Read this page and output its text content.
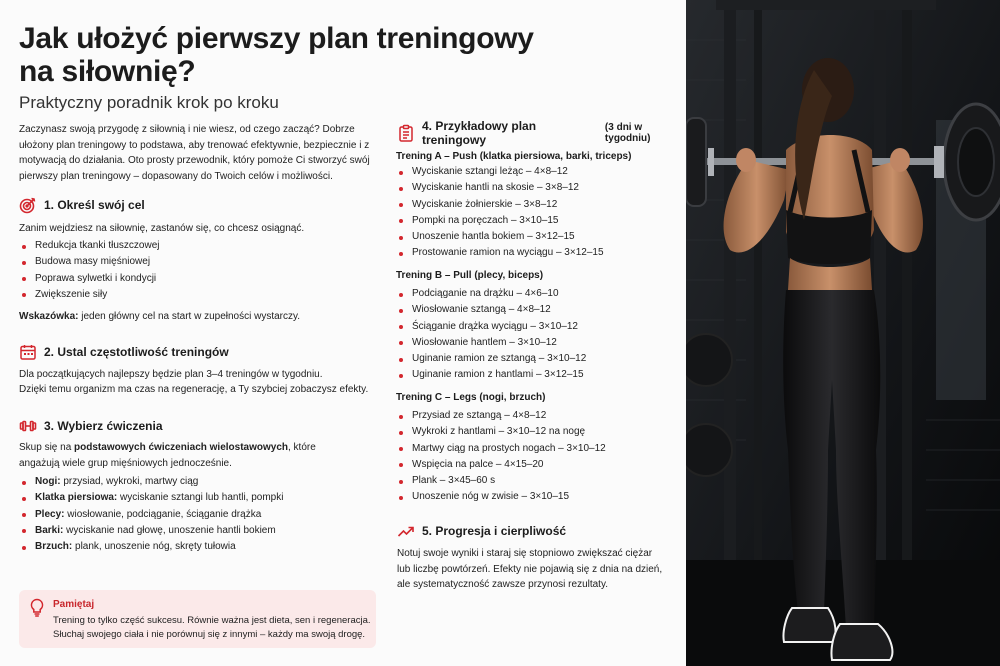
Jak ułożyć pierwszy plan treningowy
na siłownię?
Praktyczny poradnik krok po kroku
Zaczynasz swoją przygodę z siłownią i nie wiesz, od czego zacząć? Dobrze ułożony plan treningowy to podstawa, aby trenować efektywnie, bezpiecznie i z motywacją do działania. Oto prosty przewodnik, który pomoże Ci stworzyć swój pierwszy plan treningowy – dopasowany do Twoich celów i możliwości.
1. Określ swój cel
Zanim wejdziesz na siłownię, zastanów się, co chcesz osiągnąć.
Redukcja tkanki tłuszczowej
Budowa masy mięśniowej
Poprawa sylwetki i kondycji
Zwiększenie siły
Wskazówka: jeden główny cel na start w zupełności wystarczy.
2. Ustal częstotliwość treningów
Dla początkujących najlepszy będzie plan 3–4 treningów w tygodniu.
Dzięki temu organizm ma czas na regenerację, a Ty szybciej zobaczysz efekty.
3. Wybierz ćwiczenia
Skup się na podstawowych ćwiczeniach wielostawowych, które angażują wiele grup mięśniowych jednocześnie.
Nogi: przysiad, wykroki, martwy ciąg
Klatka piersiowa: wyciskanie sztangi lub hantli, pompki
Plecy: wiosłowanie, podciąganie, ściąganie drążka
Barki: wyciskanie nad głowę, unoszenie hantli bokiem
Brzuch: plank, unoszenie nóg, skręty tułowia
Pamiętaj
Trening to tylko część sukcesu. Równie ważna jest dieta, sen i regeneracja.
Słuchaj swojego ciała i nie porównuj się z innymi – każdy ma swoją drogę.
4. Przykładowy plan treningowy
(3 dni w tygodniu)
Trening A – Push (klatka piersiowa, barki, triceps)
Wyciskanie sztangi leżąc – 4×8–12
Wyciskanie hantli na skosie – 3×8–12
Wyciskanie żołnierskie – 3×8–12
Pompki na poręczach – 3×10–15
Unoszenie hantla bokiem – 3×12–15
Prostowanie ramion na wyciągu – 3×12–15
Trening B – Pull (plecy, biceps)
Podciąganie na drążku – 4×6–10
Wiosłowanie sztangą – 4×8–12
Ściąganie drążka wyciągu – 3×10–12
Wiosłowanie hantlem – 3×10–12
Uginanie ramion ze sztangą – 3×10–12
Uginanie ramion z hantlami – 3×12–15
Trening C – Legs (nogi, brzuch)
Przysiad ze sztangą – 4×8–12
Wykroki z hantlami – 3×10–12 na nogę
Martwy ciąg na prostych nogach – 3×10–12
Wspięcia na palce – 4×15–20
Plank – 3×45–60 s
Unoszenie nóg w zwisie – 3×10–15
5. Progresja i cierpliwość
Notuj swoje wyniki i staraj się stopniowo zwiększać ciężar lub liczbę powtórzeń. Efekty nie pojawią się z dnia na dzień, ale systematyczność zawsze przynosi rezultaty.
